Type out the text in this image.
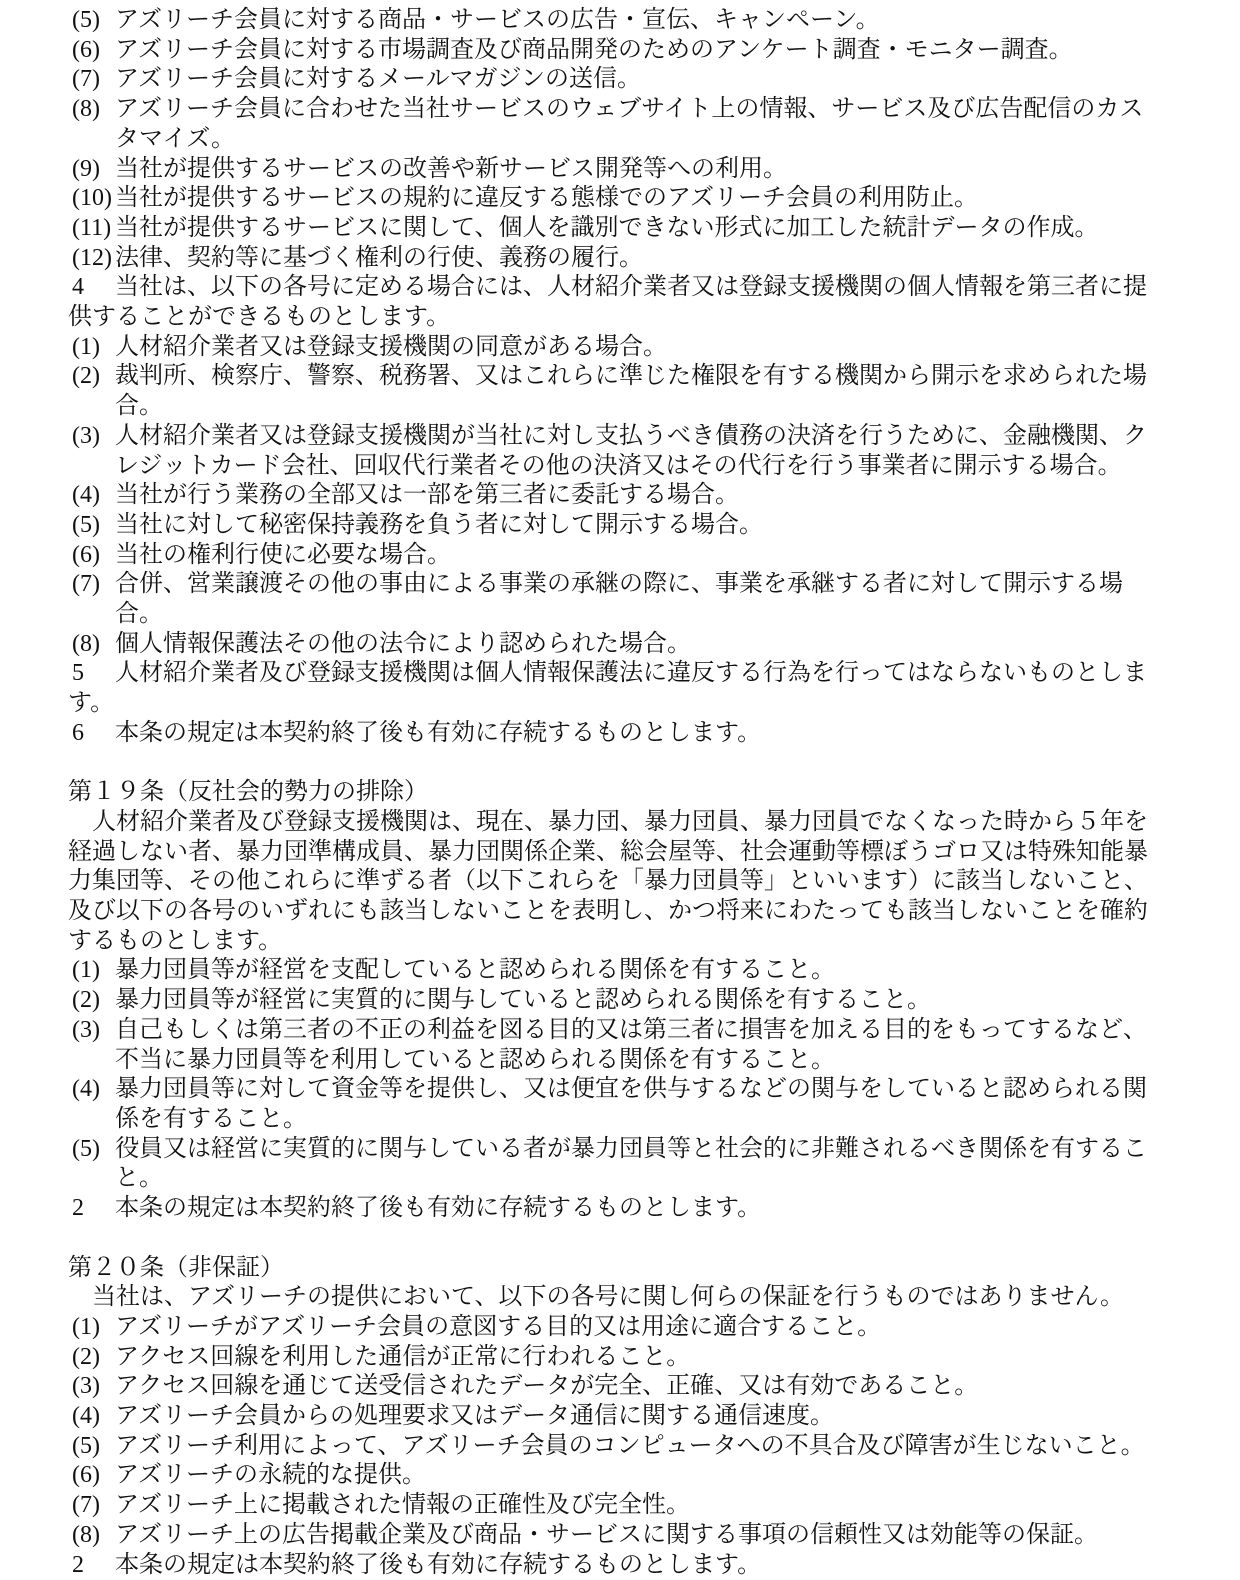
(5) アズリーチ会員に対する商品・サービスの広告・宣伝、キャンペーン。
(6) アズリーチ会員に対する市場調査及び商品開発のためのアンケート調査・モニター調査。
(7) アズリーチ会員に対するメールマガジンの送信。
(8) アズリーチ会員に合わせた当社サービスのウェブサイト上の情報、サービス及び広告配信のカスタマイズ。
(9) 当社が提供するサービスの改善や新サービス開発等への利用。
(10) 当社が提供するサービスの規約に違反する態様でのアズリーチ会員の利用防止。
(11) 当社が提供するサービスに関して、個人を識別できない形式に加工した統計データの作成。
(12) 法律、契約等に基づく権利の行使、義務の履行。
4 当社は、以下の各号に定める場合には、人材紹介業者又は登録支援機関の個人情報を第三者に提供することができるものとします。
(1) 人材紹介業者又は登録支援機関の同意がある場合。
(2) 裁判所、検察庁、警察、税務署、又はこれらに準じた権限を有する機関から開示を求められた場合。
(3) 人材紹介業者又は登録支援機関が当社に対し支払うべき債務の決済を行うために、金融機関、クレジットカード会社、回収代行業者その他の決済又はその代行を行う事業者に開示する場合。
(4) 当社が行う業務の全部又は一部を第三者に委託する場合。
(5) 当社に対して秘密保持義務を負う者に対して開示する場合。
(6) 当社の権利行使に必要な場合。
(7) 合併、営業譲渡その他の事由による事業の承継の際に、事業を承継する者に対して開示する場合。
(8) 個人情報保護法その他の法令により認められた場合。
5 人材紹介業者及び登録支援機関は個人情報保護法に違反する行為を行ってはならないものとします。
6 本条の規定は本契約終了後も有効に存続するものとします。
第１９条（反社会的勢力の排除）
人材紹介業者及び登録支援機関は、現在、暴力団、暴力団員、暴力団員でなくなった時から５年を経過しない者、暴力団準構成員、暴力団関係企業、総会屋等、社会運動等標ぼうゴロ又は特殊知能暴力集団等、その他これらに準ずる者（以下これらを「暴力団員等」といいます）に該当しないこと、及び以下の各号のいずれにも該当しないことを表明し、かつ将来にわたっても該当しないことを確約するものとします。
(1) 暴力団員等が経営を支配していると認められる関係を有すること。
(2) 暴力団員等が経営に実質的に関与していると認められる関係を有すること。
(3) 自己もしくは第三者の不正の利益を図る目的又は第三者に損害を加える目的をもってするなど、不当に暴力団員等を利用していると認められる関係を有すること。
(4) 暴力団員等に対して資金等を提供し、又は便宜を供与するなどの関与をしていると認められる関係を有すること。
(5) 役員又は経営に実質的に関与している者が暴力団員等と社会的に非難されるべき関係を有すること。
2 本条の規定は本契約終了後も有効に存続するものとします。
第２０条（非保証）
当社は、アズリーチの提供において、以下の各号に関し何らの保証を行うものではありません。
(1) アズリーチがアズリーチ会員の意図する目的又は用途に適合すること。
(2) アクセス回線を利用した通信が正常に行われること。
(3) アクセス回線を通じて送受信されたデータが完全、正確、又は有効であること。
(4) アズリーチ会員からの処理要求又はデータ通信に関する通信速度。
(5) アズリーチ利用によって、アズリーチ会員のコンピュータへの不具合及び障害が生じないこと。
(6) アズリーチの永続的な提供。
(7) アズリーチ上に掲載された情報の正確性及び完全性。
(8) アズリーチ上の広告掲載企業及び商品・サービスに関する事項の信頼性又は効能等の保証。
2 本条の規定は本契約終了後も有効に存続するものとします。
